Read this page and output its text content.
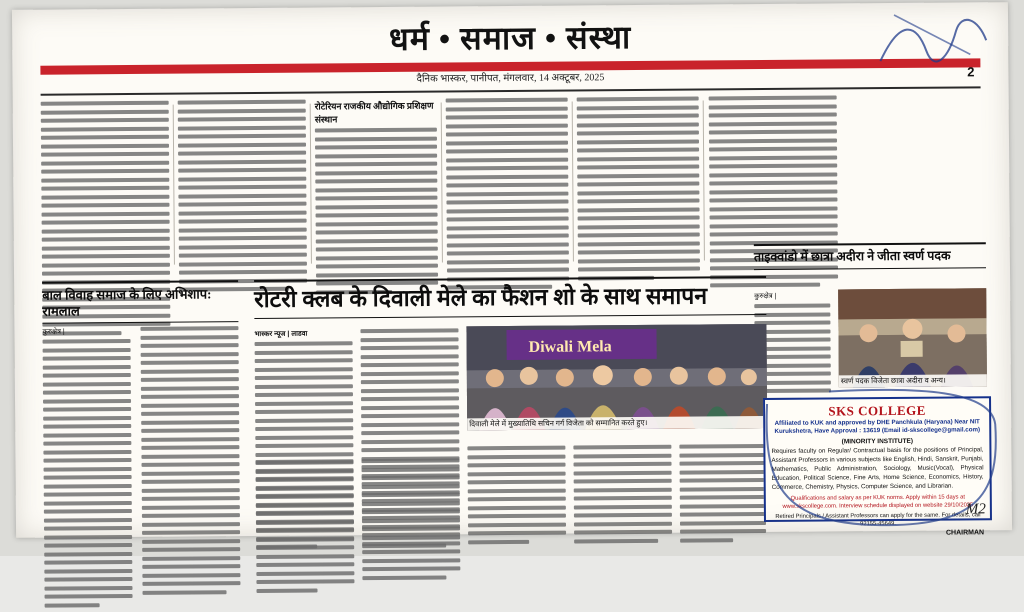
धर्म • समाज • संस्था
दैनिक भास्कर, पानीपत, मंगलवार, 14 अक्टूबर, 2025	2
रोटेरियन राजकीय औद्योगिक प्रशिक्षण संस्थान
ताइक्वांडो में छात्रा अदीरा ने जीता स्वर्ण पदक
कुरुक्षेत्र |
स्वर्ण पदक विजेता छात्रा अदीरा व अन्य।
बाल विवाह समाज के लिए अभिशाप: रामलाल
कुरुक्षेत्र |
रोटरी क्लब के दिवाली मेले का फैशन शो के साथ समापन
भास्कर न्यूज | लाडवा
Diwali Mela
दिवाली मेले में मुख्यातिथि सचिन गर्ग विजेता को सम्मानित करते हुए।
SKS COLLEGE
Affiliated to KUK and approved by DHE Panchkula (Haryana) Near NIT Kurukshetra, Have Approval : 13619 (Email id-skscollege@gmail.com)
(MINORITY INSTITUTE)
Requires faculty on Regular/ Contractual basis for the positions of Principal, Assistant Professors in various subjects like English, Hindi, Sanskrit, Punjabi, Mathematics, Public Administration, Sociology, Music(Vocal), Physical Education, Political Science, Fine Arts, Home Science, Economics, History, Commerce, Chemistry, Physics, Computer Science, and Librarian.
Qualifications and salary as per KUK norms. Apply within 15 days at www.skscollege.com. Interview schedule displayed on website 29/10/2025
Retired Principals / Assistant Professors can apply for the same. For details, call 92155-45649.
CHAIRMAN
M2
